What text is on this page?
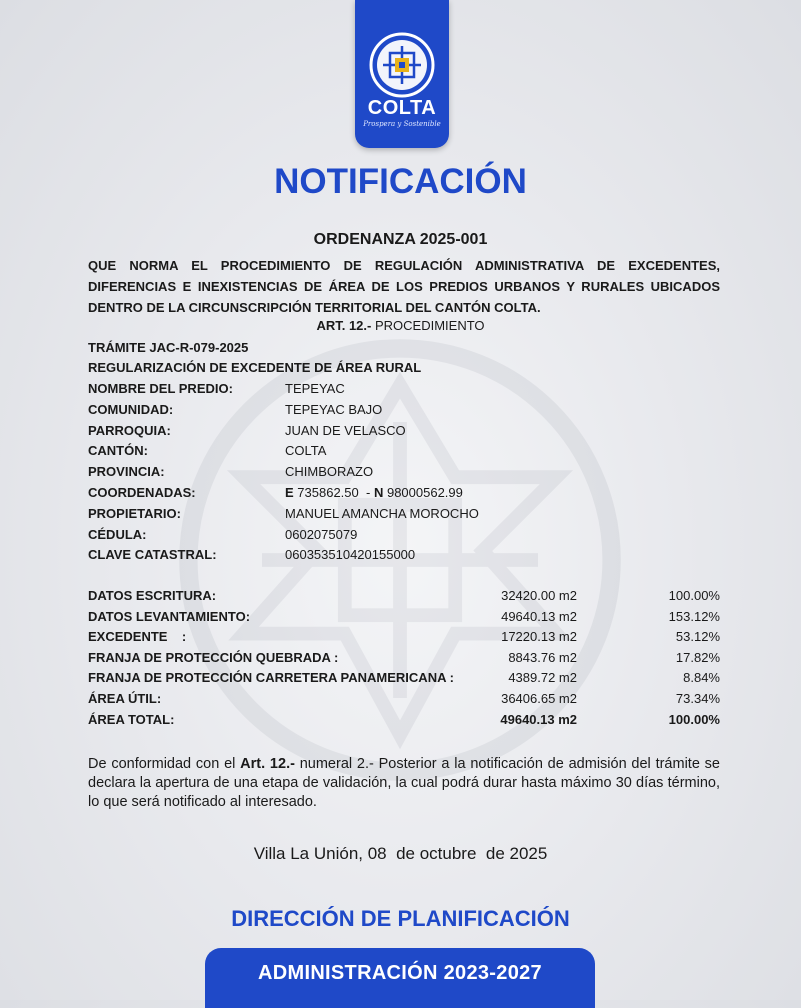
COLTA
Prospera y Sostenible
NOTIFICACIÓN
ORDENANZA 2025-001
QUE NORMA EL PROCEDIMIENTO DE REGULACIÓN ADMINISTRATIVA DE EXCEDENTES, DIFERENCIAS E INEXISTENCIAS DE ÁREA DE LOS PREDIOS URBANOS Y RURALES UBICADOS DENTRO DE LA CIRCUNSCRIPCIÓN TERRITORIAL DEL CANTÓN COLTA.
ART. 12.- PROCEDIMIENTO
TRÁMITE JAC-R-079-2025
REGULARIZACIÓN DE EXCEDENTE DE ÁREA RURAL
NOMBRE DEL PREDIO:	TEPEYAC
COMUNIDAD:	TEPEYAC BAJO
PARROQUIA:	JUAN DE VELASCO
CANTÓN:	COLTA
PROVINCIA:	CHIMBORAZO
COORDENADAS:	E 735862.50 - N 98000562.99
PROPIETARIO:	MANUEL AMANCHA MOROCHO
CÉDULA:	0602075079
CLAVE CATASTRAL:	060353510420155000
DATOS ESCRITURA:	32420.00 m2	100.00%
DATOS LEVANTAMIENTO:	49640.13 m2	153.12%
EXCEDENTE    :	17220.13 m2	53.12%
FRANJA DE PROTECCIÓN QUEBRADA :	8843.76 m2	17.82%
FRANJA DE PROTECCIÓN CARRETERA PANAMERICANA :	4389.72 m2	8.84%
ÁREA ÚTIL:	36406.65 m2	73.34%
ÁREA TOTAL:	49640.13 m2	100.00%
De conformidad con el Art. 12.- numeral 2.- Posterior a la notificación de admisión del trámite se declara la apertura de una etapa de validación, la cual podrá durar hasta máximo 30 días término, lo que será notificado al interesado.
Villa La Unión, 08  de octubre  de 2025
DIRECCIÓN DE PLANIFICACIÓN
ADMINISTRACIÓN 2023-2027
